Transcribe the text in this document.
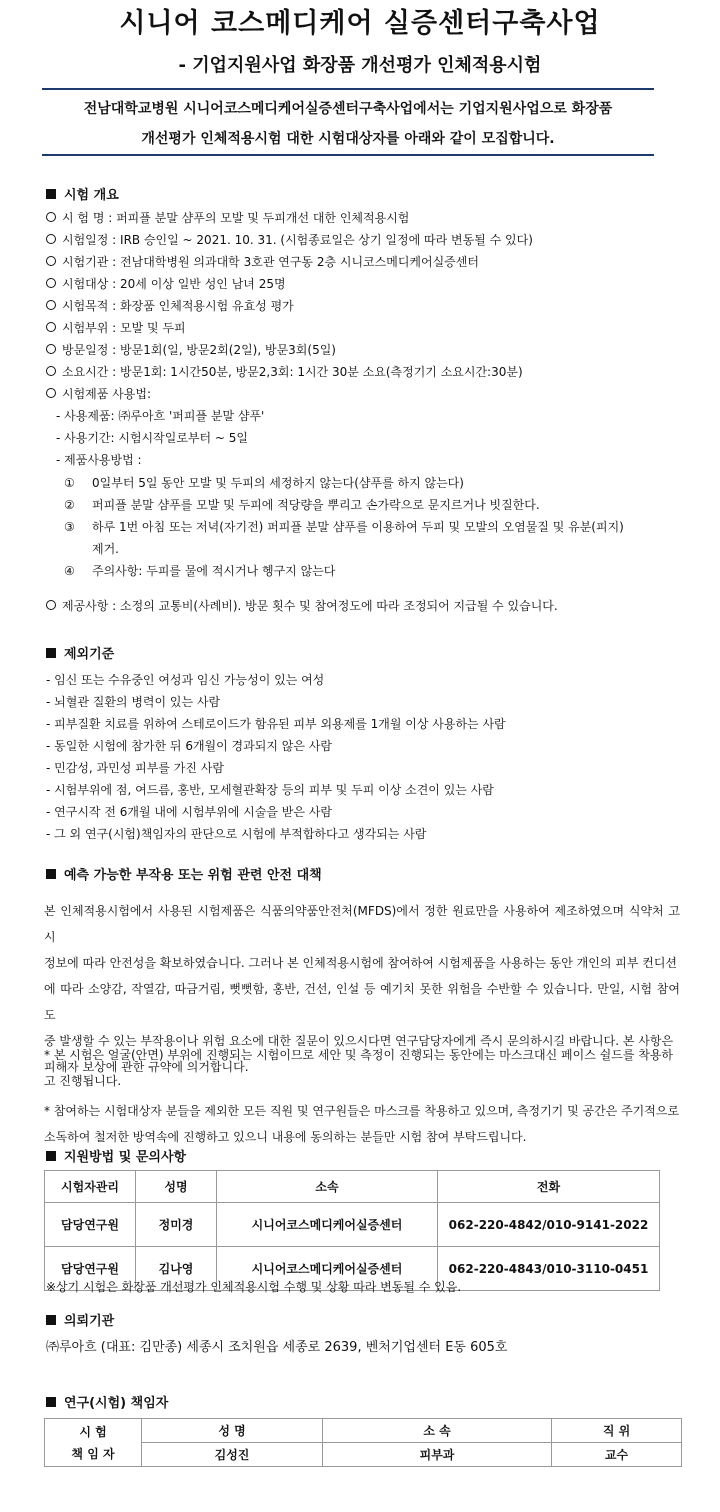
시니어 코스메디케어 실증센터구축사업
- 기업지원사업 화장품 개선평가 인체적용시험
전남대학교병원 시니어코스메디케어실증센터구축사업에서는 기업지원사업으로 화장품
개선평가 인체적용시험 대한 시험대상자를 아래와 같이 모집합니다.
시험 개요
시 험 명 : 퍼피플 분말 샴푸의 모발 및 두피개선 대한 인체적용시험
시험일정 : IRB 승인일 ~ 2021. 10. 31. (시험종료일은 상기 일정에 따라 변동될 수 있다)
시험기관 : 전남대학병원 의과대학 3호관 연구동 2층 시니코스메디케어실증센터
시험대상 : 20세 이상 일반 성인 남녀 25명
시험목적 : 화장품 인체적용시험 유효성 평가
시험부위 : 모발 및 두피
방문일정 : 방문1회(일, 방문2회(2일), 방문3회(5일)
소요시간 : 방문1회: 1시간50분, 방문2,3회: 1시간 30분 소요(측정기기 소요시간:30분)
시험제품 사용법:
- 사용제품: ㈜루아흐 '퍼피플 분말 샴푸'
- 사용기간: 시험시작일로부터 ~ 5일
- 제품사용방법 :
① 0일부터 5일 동안 모발 및 두피의 세정하지 않는다(샴푸를 하지 않는다)
② 퍼피플 분말 샴푸를 모발 및 두피에 적당량을 뿌리고 손가락으로 문지르거나 빗질한다.
③ 하루 1번 아침 또는 저녁(자기전) 퍼피플 분말 샴푸를 이용하여 두피 및 모발의 오염물질 및 유분(피지)
제거.
④ 주의사항: 두피를 물에 적시거나 헹구지 않는다
제공사항 : 소정의 교통비(사례비). 방문 횟수 및 참여정도에 따라 조정되어 지급될 수 있습니다.
제외기준
- 임신 또는 수유중인 여성과 임신 가능성이 있는 여성
- 뇌혈관 질환의 병력이 있는 사람
- 피부질환 치료를 위하여 스테로이드가 함유된 피부 외용제를 1개월 이상 사용하는 사람
- 동일한 시험에 참가한 뒤 6개월이 경과되지 않은 사람
- 민감성, 과민성 피부를 가진 사람
- 시험부위에 점, 여드름, 홍반, 모세혈관확장 등의 피부 및 두피 이상 소견이 있는 사람
- 연구시작 전 6개월 내에 시험부위에 시술을 받은 사람
- 그 외 연구(시험)책임자의 판단으로 시험에 부적합하다고 생각되는 사람
예측 가능한 부작용 또는 위험 관련 안전 대책
본 인체적용시험에서 사용된 시험제품은 식품의약품안전처(MFDS)에서 정한 원료만을 사용하여 제조하였으며 식약처 고시
정보에 따라 안전성을 확보하였습니다. 그러나 본 인체적용시험에 참여하여 시험제품을 사용하는 동안 개인의 피부 컨디션
에 따라 소양감, 작열감, 따금거림, 뻣뻣함, 홍반, 건선, 인설 등 예기치 못한 위험을 수반할 수 있습니다. 만일, 시험 참여 도
중 발생할 수 있는 부작용이나 위험 요소에 대한 질문이 있으시다면 연구담당자에게 즉시 문의하시길 바랍니다. 본 사항은
피해자 보상에 관한 규약에 의거합니다.
* 본 시험은 얼굴(안면) 부위에 진행되는 시험이므로 세안 및 측정이 진행되는 동안에는 마스크대신 페이스 쉴드를 착용하
고 진행됩니다.
* 참여하는 시험대상자 분들을 제외한 모든 직원 및 연구원들은 마스크를 착용하고 있으며, 측정기기 및 공간은 주기적으로
소독하여 철저한 방역속에 진행하고 있으니 내용에 동의하는 분들만 시험 참여 부탁드립니다.
지원방법 및 문의사항
시험자관리	성명	소속	전화
담당연구원	정미경	시니어코스메디케어실증센터	062-220-4842/010-9141-2022
담당연구원	김나영	시니어코스메디케어실증센터	062-220-4843/010-3110-0451
※상기 시험은 화장품 개선평가 인체적용시험 수행 및 상황 따라 변동될 수 있음.
의뢰기관
㈜루아흐 (대표: 김만종) 세종시 조치원읍 세종로 2639, 벤처기업센터 E동 605호
연구(시험) 책임자
시 험
책 임 자	성 명	소 속	직 위
	김성진	피부과	교수
